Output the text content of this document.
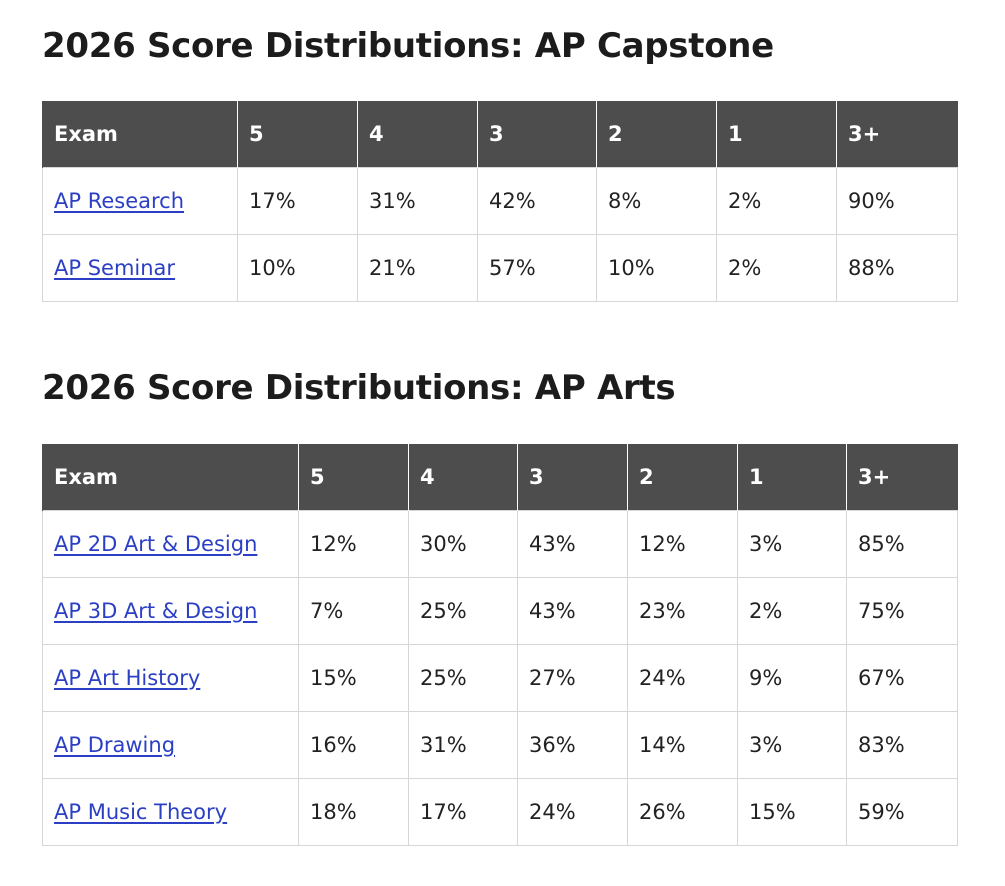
2026 Score Distributions: AP Capstone
Exam	5	4	3	2	1	3+
AP Research	17%	31%	42%	8%	2%	90%
AP Seminar	10%	21%	57%	10%	2%	88%
2026 Score Distributions: AP Arts
Exam	5	4	3	2	1	3+
AP 2D Art & Design	12%	30%	43%	12%	3%	85%
AP 3D Art & Design	7%	25%	43%	23%	2%	75%
AP Art History	15%	25%	27%	24%	9%	67%
AP Drawing	16%	31%	36%	14%	3%	83%
AP Music Theory	18%	17%	24%	26%	15%	59%
